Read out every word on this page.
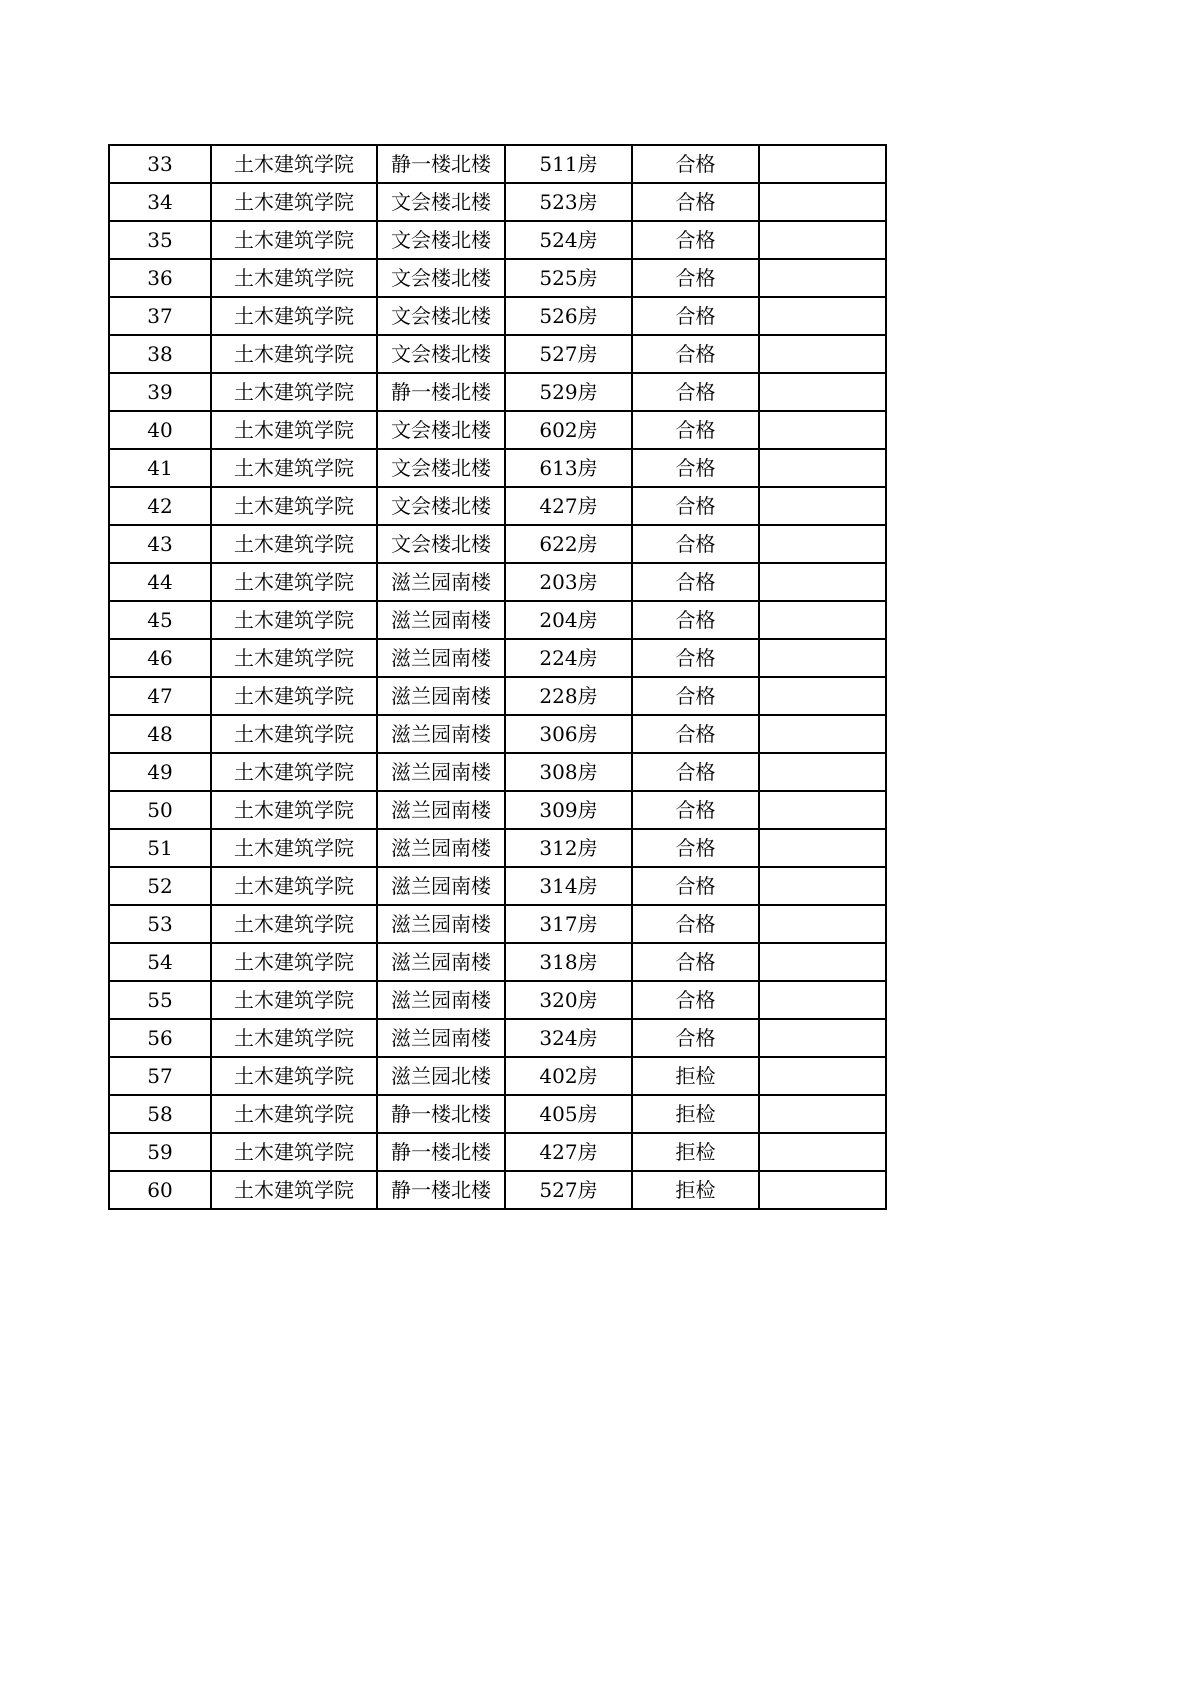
33	土木建筑学院	静一楼北楼	511房	合格	
34	土木建筑学院	文会楼北楼	523房	合格	
35	土木建筑学院	文会楼北楼	524房	合格	
36	土木建筑学院	文会楼北楼	525房	合格	
37	土木建筑学院	文会楼北楼	526房	合格	
38	土木建筑学院	文会楼北楼	527房	合格	
39	土木建筑学院	静一楼北楼	529房	合格	
40	土木建筑学院	文会楼北楼	602房	合格	
41	土木建筑学院	文会楼北楼	613房	合格	
42	土木建筑学院	文会楼北楼	427房	合格	
43	土木建筑学院	文会楼北楼	622房	合格	
44	土木建筑学院	滋兰园南楼	203房	合格	
45	土木建筑学院	滋兰园南楼	204房	合格	
46	土木建筑学院	滋兰园南楼	224房	合格	
47	土木建筑学院	滋兰园南楼	228房	合格	
48	土木建筑学院	滋兰园南楼	306房	合格	
49	土木建筑学院	滋兰园南楼	308房	合格	
50	土木建筑学院	滋兰园南楼	309房	合格	
51	土木建筑学院	滋兰园南楼	312房	合格	
52	土木建筑学院	滋兰园南楼	314房	合格	
53	土木建筑学院	滋兰园南楼	317房	合格	
54	土木建筑学院	滋兰园南楼	318房	合格	
55	土木建筑学院	滋兰园南楼	320房	合格	
56	土木建筑学院	滋兰园南楼	324房	合格	
57	土木建筑学院	滋兰园北楼	402房	拒检	
58	土木建筑学院	静一楼北楼	405房	拒检	
59	土木建筑学院	静一楼北楼	427房	拒检	
60	土木建筑学院	静一楼北楼	527房	拒检	
